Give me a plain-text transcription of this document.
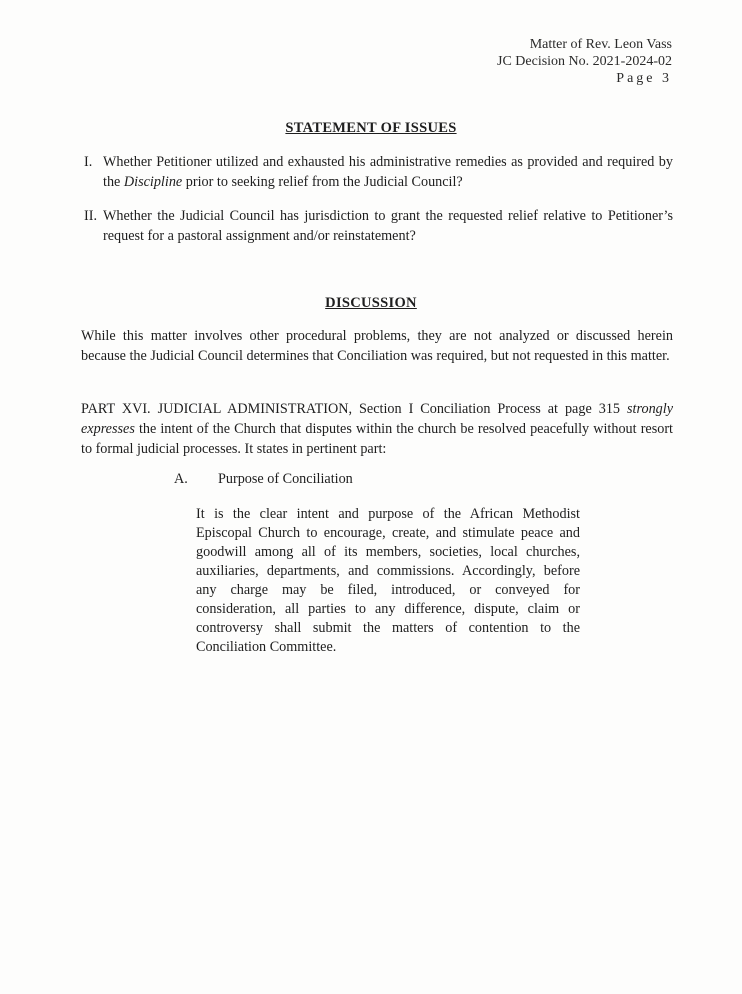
Matter of Rev. Leon Vass
JC Decision No. 2021-2024-02
Page 3
STATEMENT OF ISSUES
I. Whether Petitioner utilized and exhausted his administrative remedies as provided and required by the Discipline prior to seeking relief from the Judicial Council?
II. Whether the Judicial Council has jurisdiction to grant the requested relief relative to Petitioner’s request for a pastoral assignment and/or reinstatement?
DISCUSSION
While this matter involves other procedural problems, they are not analyzed or discussed herein because the Judicial Council determines that Conciliation was required, but not requested in this matter.
PART XVI. JUDICIAL ADMINISTRATION, Section I Conciliation Process at page 315 strongly expresses the intent of the Church that disputes within the church be resolved peacefully without resort to formal judicial processes. It states in pertinent part:
A. Purpose of Conciliation
It is the clear intent and purpose of the African Methodist Episcopal Church to encourage, create, and stimulate peace and goodwill among all of its members, societies, local churches, auxiliaries, departments, and commissions. Accordingly, before any charge may be filed, introduced, or conveyed for consideration, all parties to any difference, dispute, claim or controversy shall submit the matters of contention to the Conciliation Committee.
